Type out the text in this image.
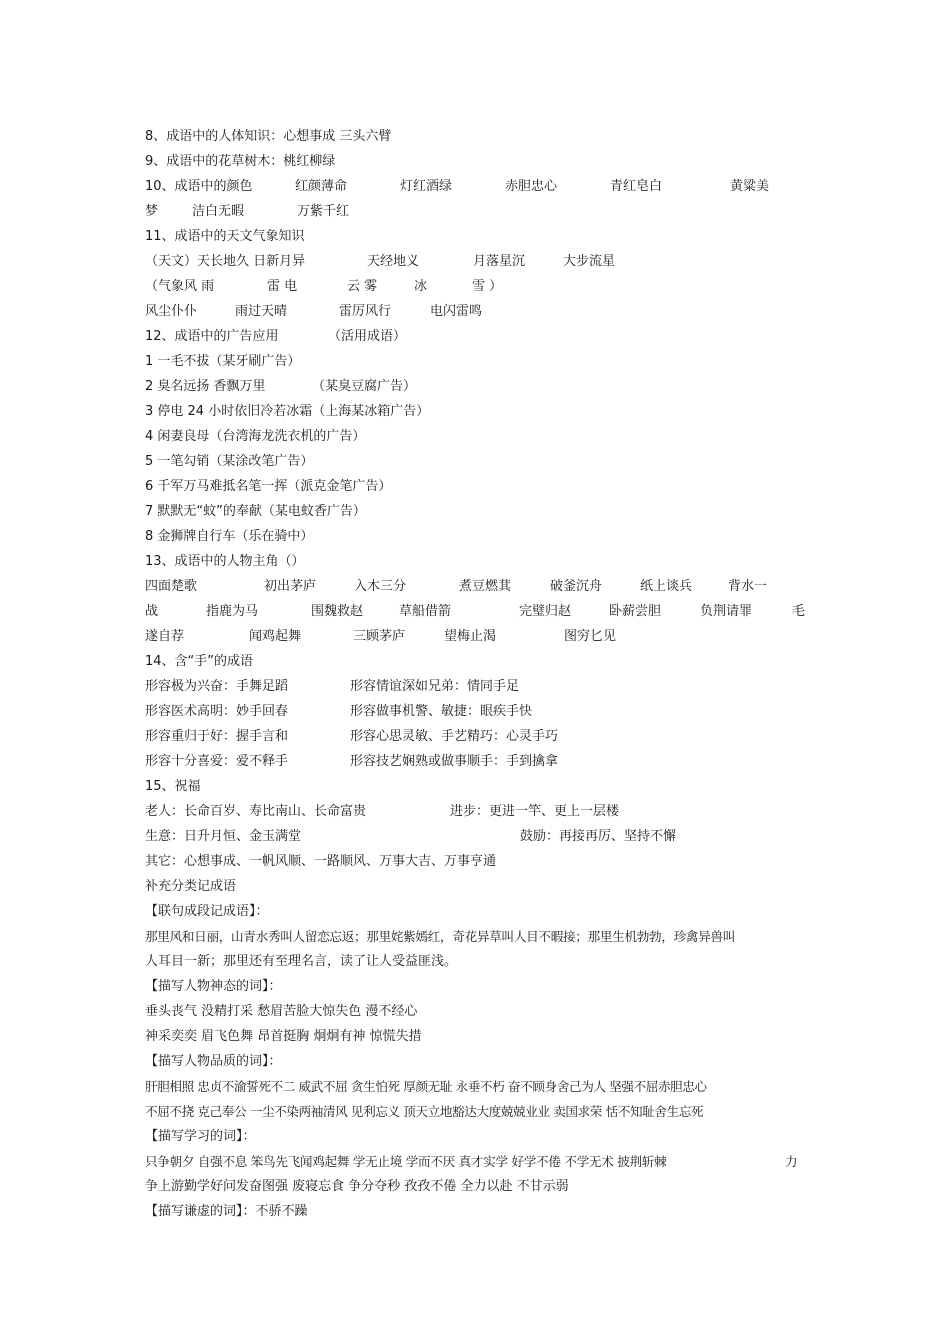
8、成语中的人体知识：心想事成 三头六臂
9、成语中的花草树木：桃红柳绿
10、成语中的颜色	红颜薄命	灯红酒绿	赤胆忠心	青红皂白	黄粱美
梦	洁白无暇	万紫千红
11、成语中的天文气象知识
（天文）天长地久 日新月异	天经地义	月落星沉	大步流星
（气象风 雨	雷 电	云 雾	冰	雪 ）
风尘仆仆	雨过天晴	雷厉风行	电闪雷鸣
12、成语中的广告应用	（活用成语）
1 一毛不拔（某牙刷广告）
2 臭名远扬 香飘万里	（某臭豆腐广告）
3 停电 24 小时依旧冷若冰霜（上海某冰箱广告）
4 闲妻良母（台湾海龙洗衣机的广告）
5 一笔勾销（某涂改笔广告）
6 千军万马难抵名笔一挥（派克金笔广告）
7 默默无“蚊”的奉献（某电蚊香广告）
8 金狮牌自行车（乐在骑中）
13、成语中的人物主角（）
四面楚歌	初出茅庐	入木三分	煮豆燃萁	破釜沉舟	纸上谈兵	背水一
战	指鹿为马	围魏救赵	草船借箭	完璧归赵	卧薪尝胆	负荆请罪	毛
遂自荐	闻鸡起舞	三顾茅庐	望梅止渴	图穷匕见
14、含“手”的成语
形容极为兴奋：手舞足蹈	形容情谊深如兄弟：情同手足
形容医术高明：妙手回春	形容做事机警、敏捷：眼疾手快
形容重归于好：握手言和	形容心思灵敏、手艺精巧：心灵手巧
形容十分喜爱：爱不释手	形容技艺娴熟或做事顺手：手到擒拿
15、祝福
老人：长命百岁、寿比南山、长命富贵	进步：更进一竿、更上一层楼
生意：日升月恒、金玉满堂	鼓励：再接再厉、坚持不懈
其它：心想事成、一帆风顺、一路顺风、万事大吉、万事亨通
补充分类记成语
【联句成段记成语】：
那里风和日丽，山青水秀叫人留恋忘返；那里姹紫嫣红，奇花异草叫人目不暇接；那里生机勃勃，珍禽异兽叫
人耳目一新；那里还有至理名言，读了让人受益匪浅。
【描写人物神态的词】：
垂头丧气 没精打采 愁眉苦脸大惊失色 漫不经心
神采奕奕 眉飞色舞 昂首挺胸 炯炯有神 惊慌失措
【描写人物品质的词】：
肝胆相照 忠贞不渝誓死不二 威武不屈 贪生怕死 厚颜无耻 永垂不朽 奋不顾身舍己为人 坚强不屈赤胆忠心
不屈不挠 克己奉公 一尘不染两袖清风 见利忘义 顶天立地豁达大度兢兢业业 卖国求荣 恬不知耻舍生忘死
【描写学习的词】：
只争朝夕 自强不息 笨鸟先飞闻鸡起舞 学无止境 学而不厌 真才实学 好学不倦 不学无术 披荆斩棘	力
争上游勤学好问发奋图强 废寝忘食 争分夺秒 孜孜不倦 全力以赴 不甘示弱
【描写谦虚的词】：不骄不躁
